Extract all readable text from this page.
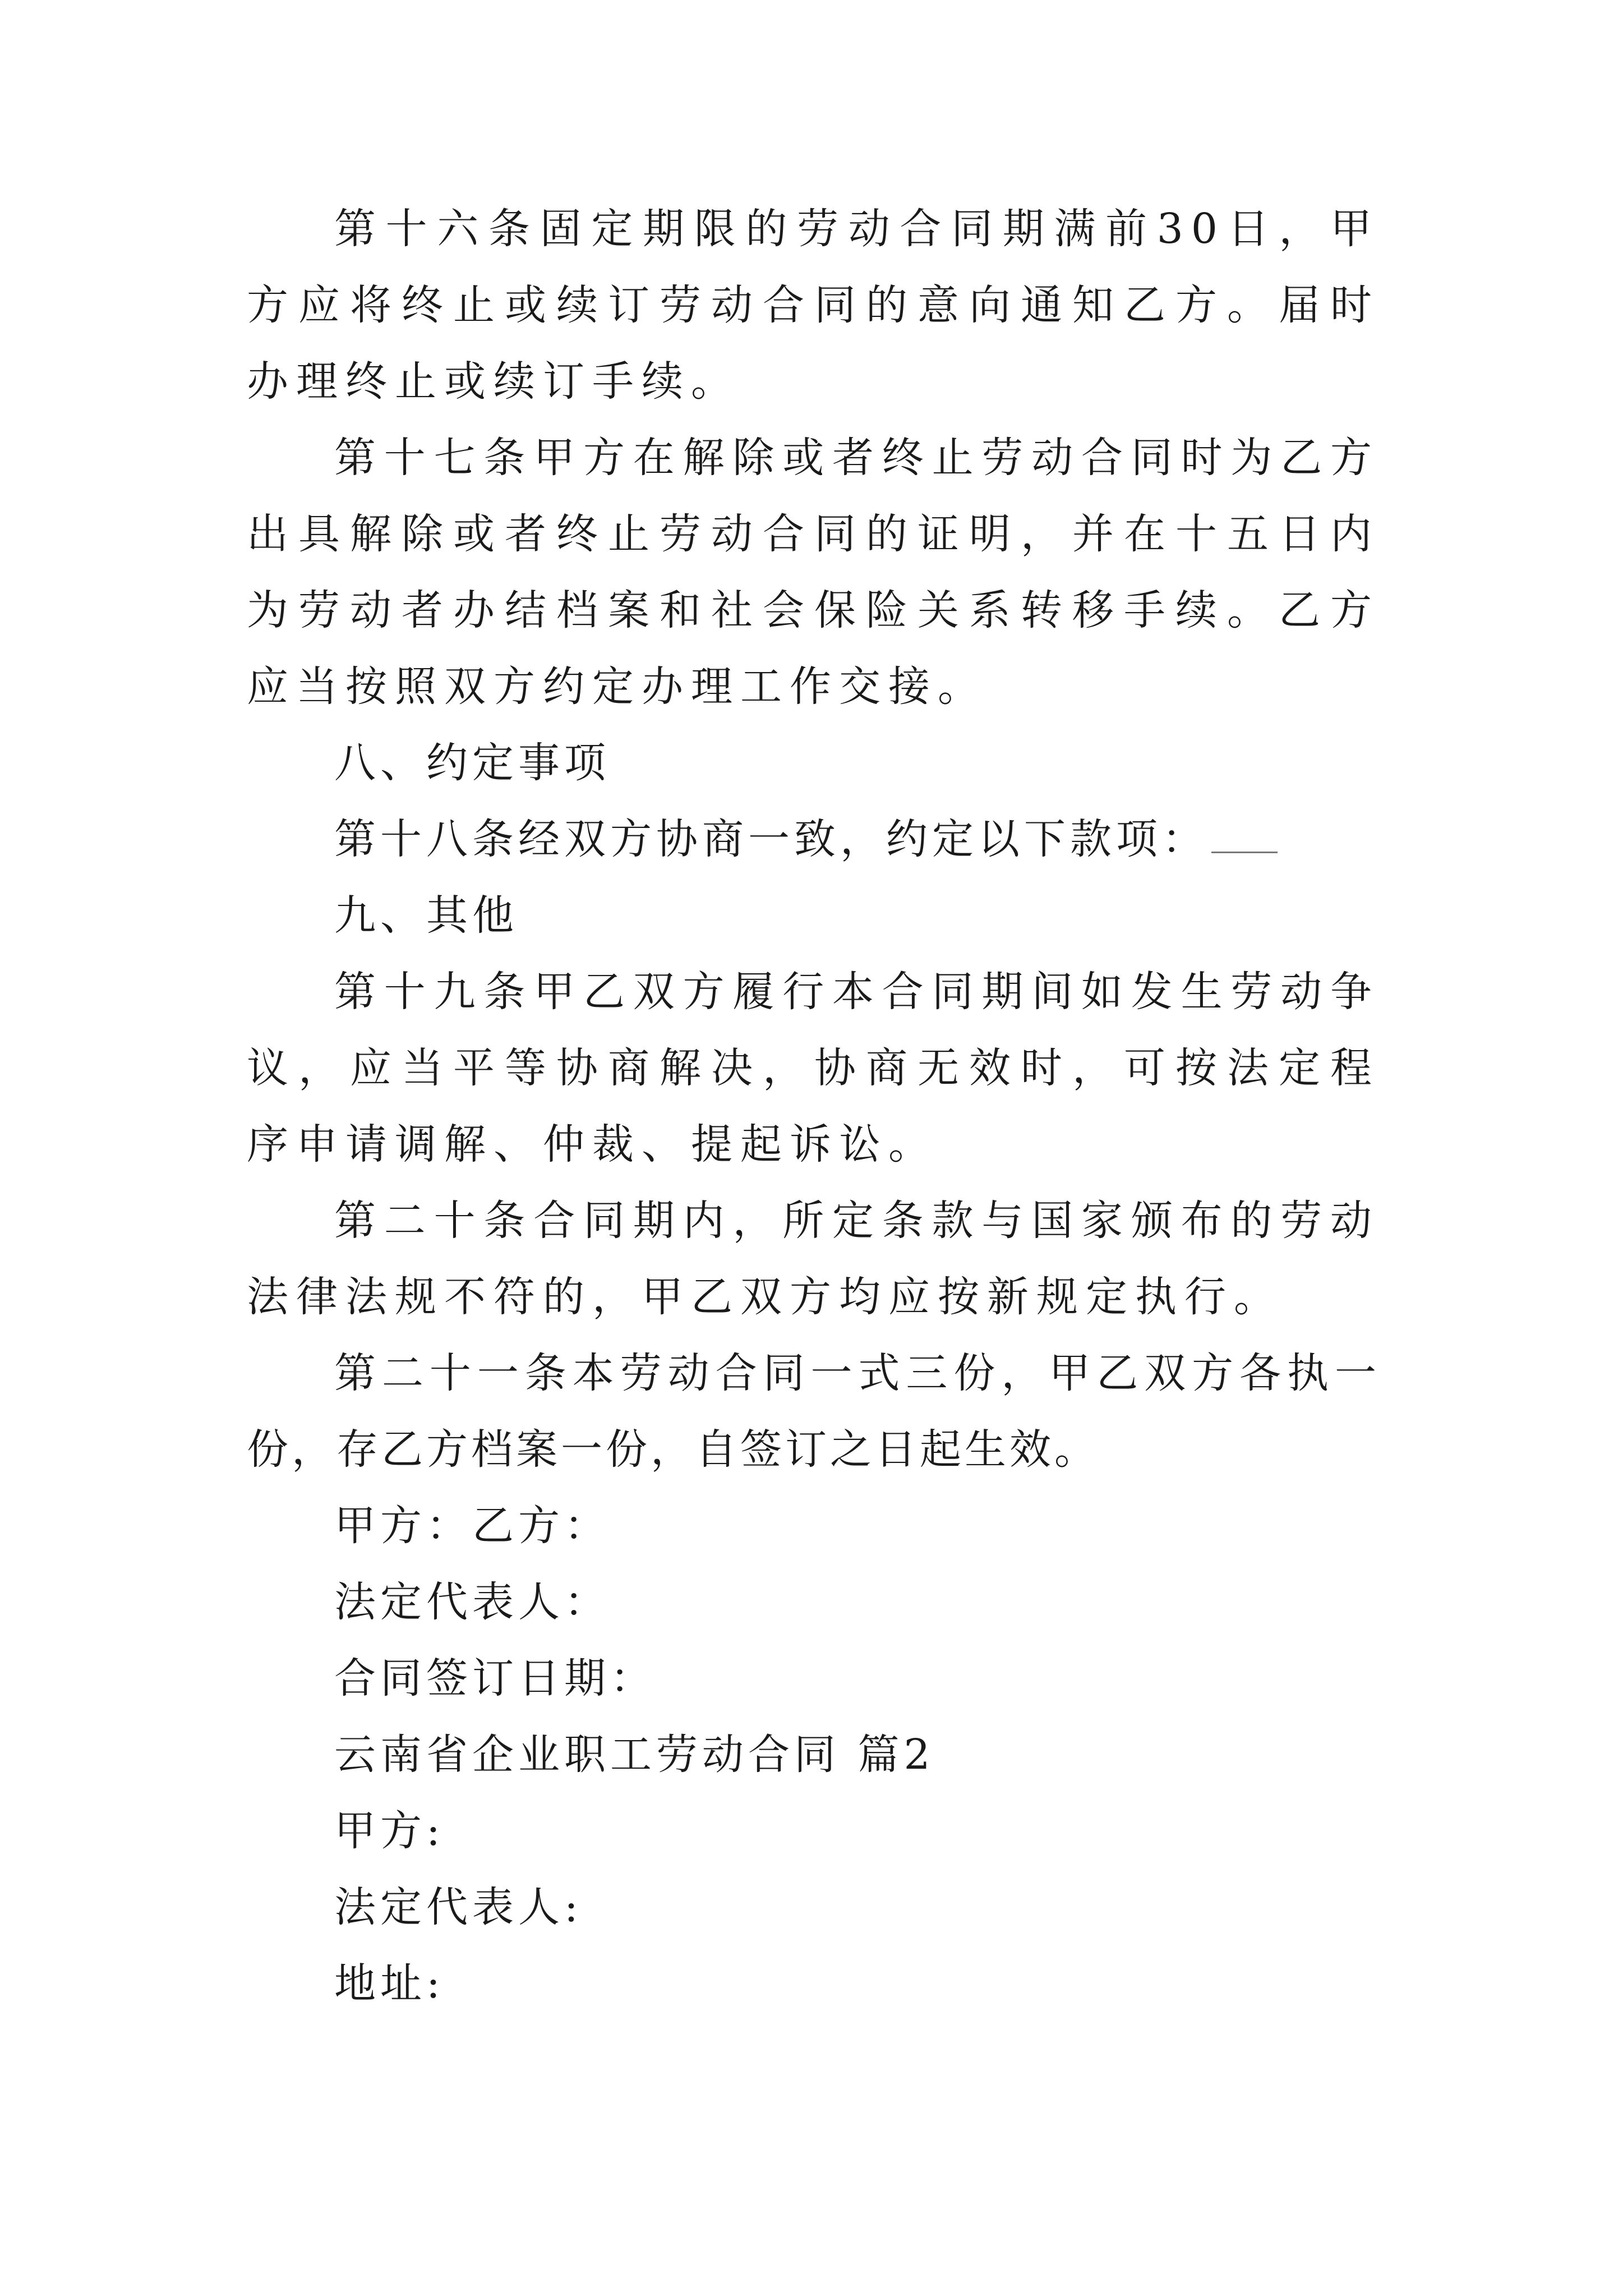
第十六条固定期限的劳动合同期满前30日，甲方应将终止或续订劳动合同的意向通知乙方。届时办理终止或续订手续。

第十七条甲方在解除或者终止劳动合同时为乙方出具解除或者终止劳动合同的证明，并在十五日内为劳动者办结档案和社会保险关系转移手续。乙方应当按照双方约定办理工作交接。

八、约定事项

第十八条经双方协商一致，约定以下款项：

九、其他

第十九条甲乙双方履行本合同期间如发生劳动争议，应当平等协商解决，协商无效时，可按法定程序申请调解、仲裁、提起诉讼。

第二十条合同期内，所定条款与国家颁布的劳动法律法规不符的，甲乙双方均应按新规定执行。

第二十一条本劳动合同一式三份，甲乙双方各执一份，存乙方档案一份，自签订之日起生效。

甲方：乙方：

法定代表人：

合同签订日期：

云南省企业职工劳动合同 篇2

甲方:

法定代表人:

地址:
